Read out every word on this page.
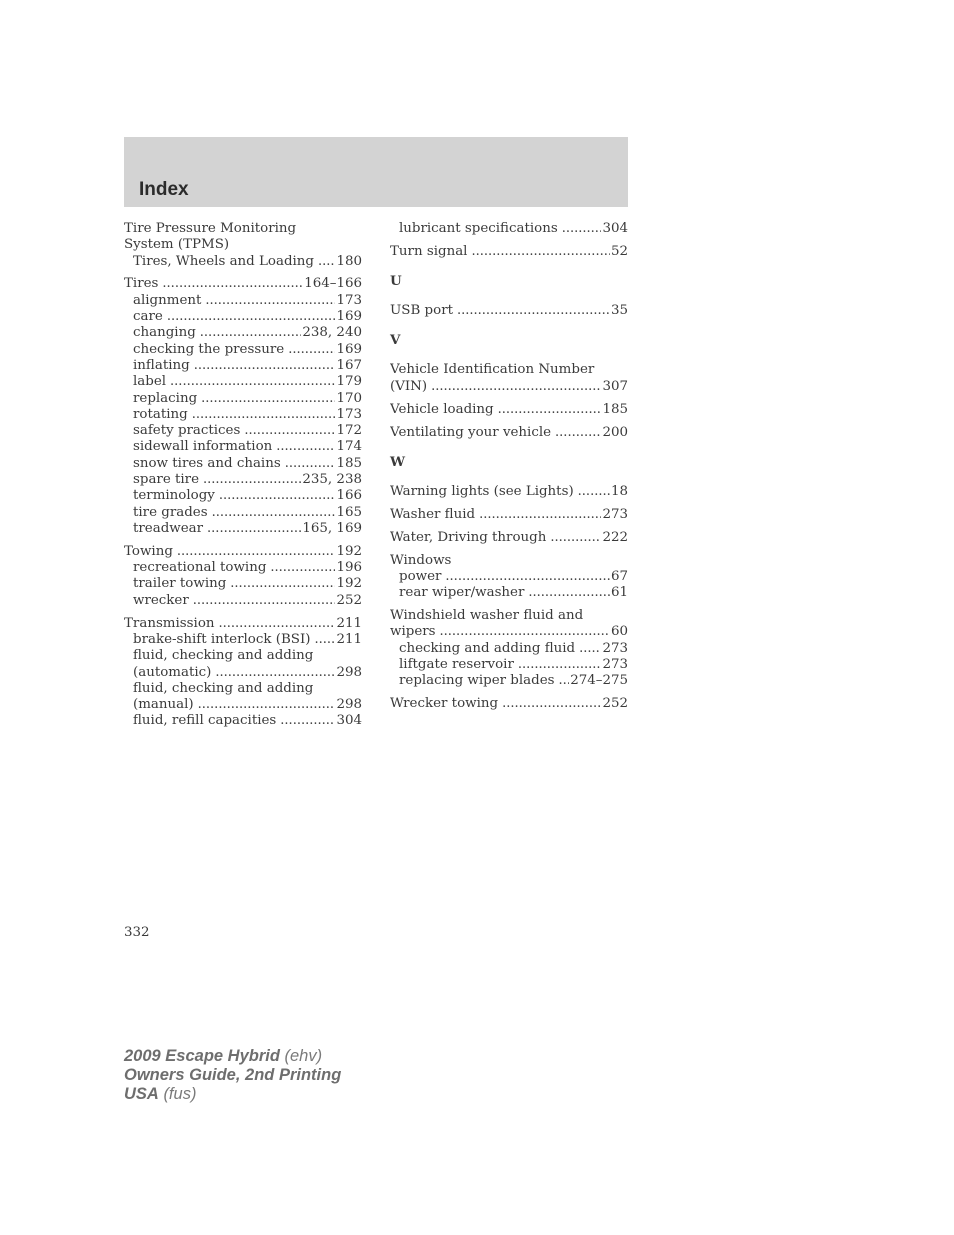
Index
Tire Pressure Monitoring
System (TPMS)
Tires, Wheels and Loading ..... 180
Tires .....	164–166
alignment .....	173
care .....	169
changing .....	238, 240
checking the pressure .....	169
inflating .....	167
label .....	179
replacing .....	170
rotating .....	173
safety practices .....	172
sidewall information .....	174
snow tires and chains .....	185
spare tire .....	235, 238
terminology .....	166
tire grades .....	165
treadwear .....	165, 169
Towing .....	192
recreational towing .....	196
trailer towing .....	192
wrecker .....	252
Transmission .....	211
brake-shift interlock (BSI) ..... 211
fluid, checking and adding
(automatic) .....	298
fluid, checking and adding
(manual) .....	298
fluid, refill capacities .....	304
lubricant specifications .....	304
Turn signal .....	52
U
USB port .....	35
V
Vehicle Identification Number
(VIN) .....	307
Vehicle loading .....	185
Ventilating your vehicle .....	200
W
Warning lights (see Lights) .....	18
Washer fluid .....	273
Water, Driving through .....	222
Windows
power .....	67
rear wiper/washer .....	61
Windshield washer fluid and
wipers .....	60
checking and adding fluid ..... 273
liftgate reservoir .....	273
replacing wiper blades ..... 274–275
Wrecker towing .....	252
332
2009 Escape Hybrid (ehv)
Owners Guide, 2nd Printing
USA (fus)
